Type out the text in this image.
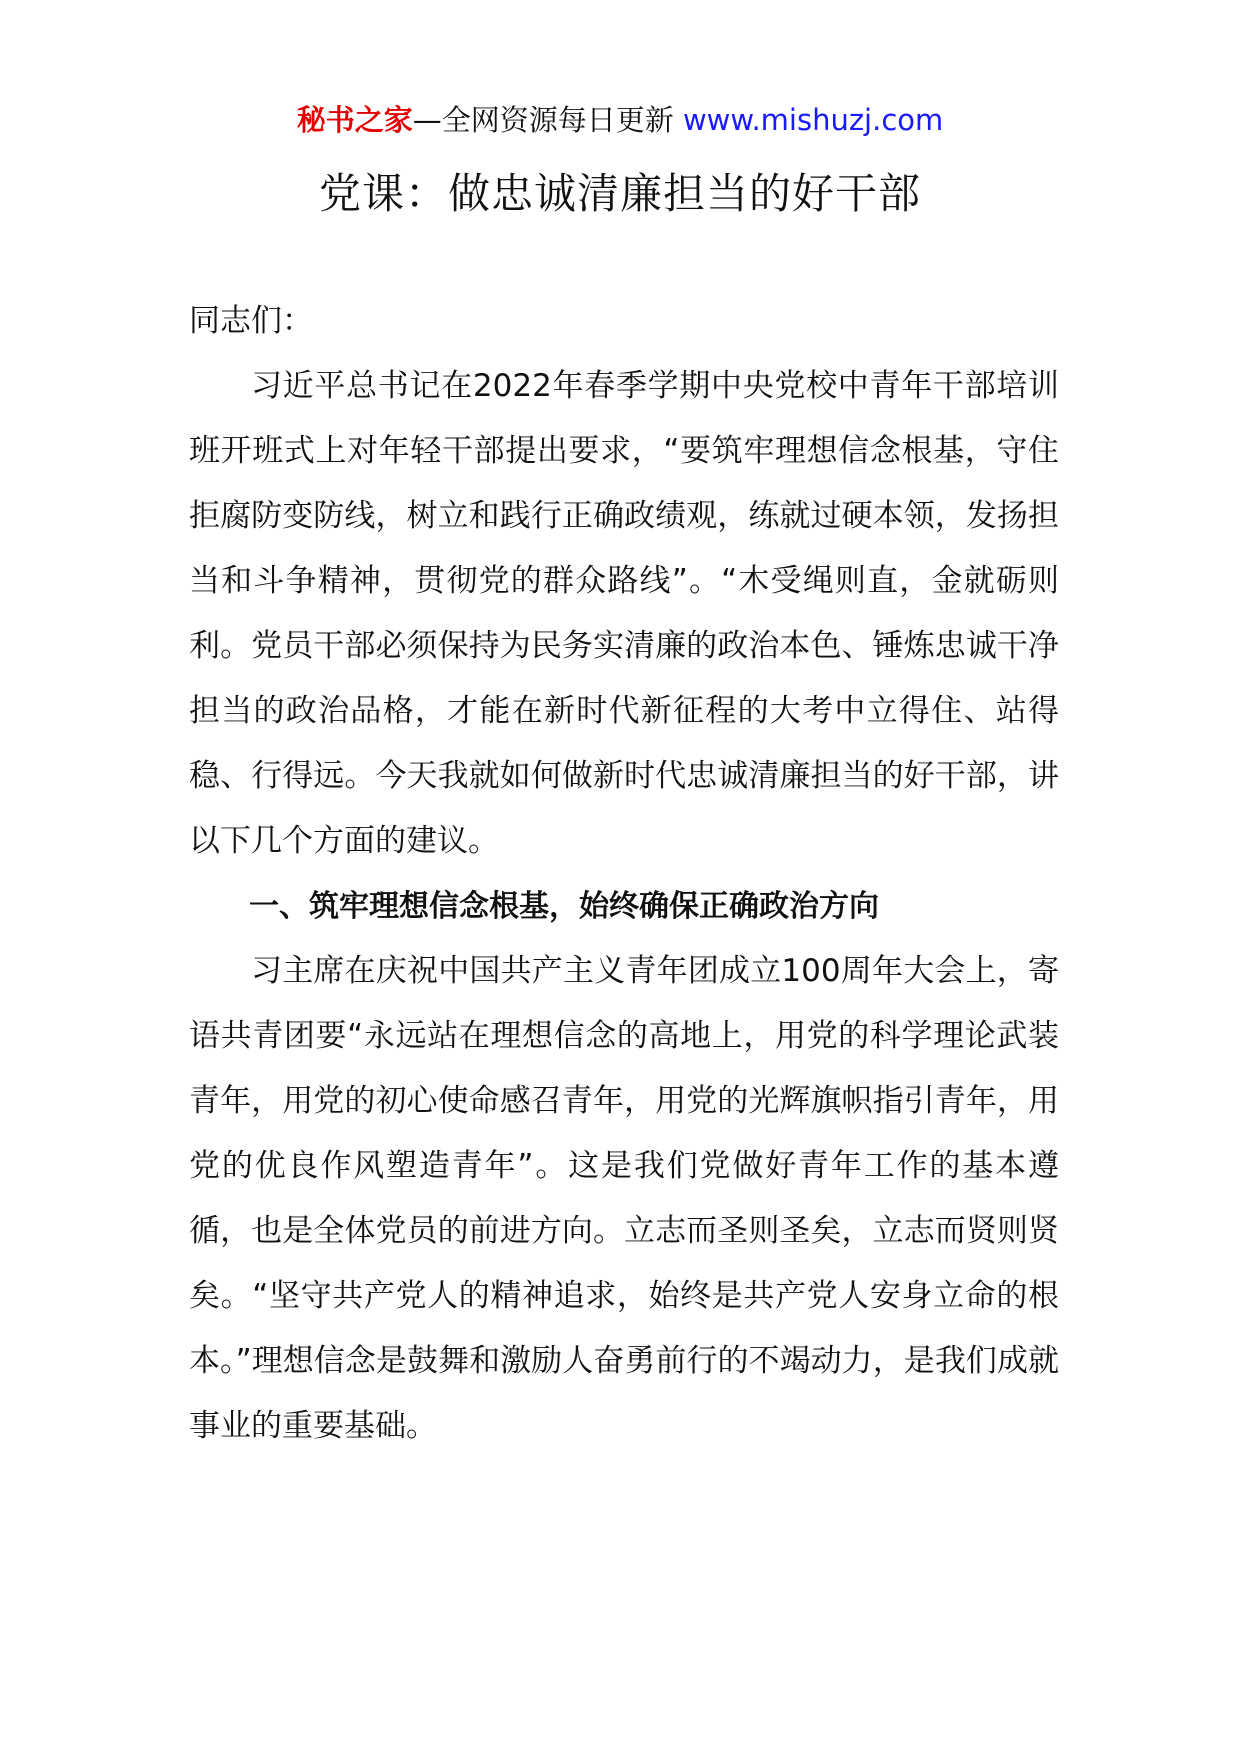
秘书之家—全网资源每日更新 www.mishuzj.com
党课：做忠诚清廉担当的好干部

同志们：

习近平总书记在2022年春季学期中央党校中青年干部培训班开班式上对年轻干部提出要求，“要筑牢理想信念根基，守住拒腐防变防线，树立和践行正确政绩观，练就过硬本领，发扬担当和斗争精神，贯彻党的群众路线”。“木受绳则直，金就砺则利。党员干部必须保持为民务实清廉的政治本色、锤炼忠诚干净担当的政治品格，才能在新时代新征程的大考中立得住、站得稳、行得远。今天我就如何做新时代忠诚清廉担当的好干部，讲以下几个方面的建议。

一、筑牢理想信念根基，始终确保正确政治方向

习主席在庆祝中国共产主义青年团成立100周年大会上，寄语共青团要“永远站在理想信念的高地上，用党的科学理论武装青年，用党的初心使命感召青年，用党的光辉旗帜指引青年，用党的优良作风塑造青年”。这是我们党做好青年工作的基本遵循，也是全体党员的前进方向。立志而圣则圣矣，立志而贤则贤矣。“坚守共产党人的精神追求，始终是共产党人安身立命的根本。”理想信念是鼓舞和激励人奋勇前行的不竭动力，是我们成就事业的重要基础。
